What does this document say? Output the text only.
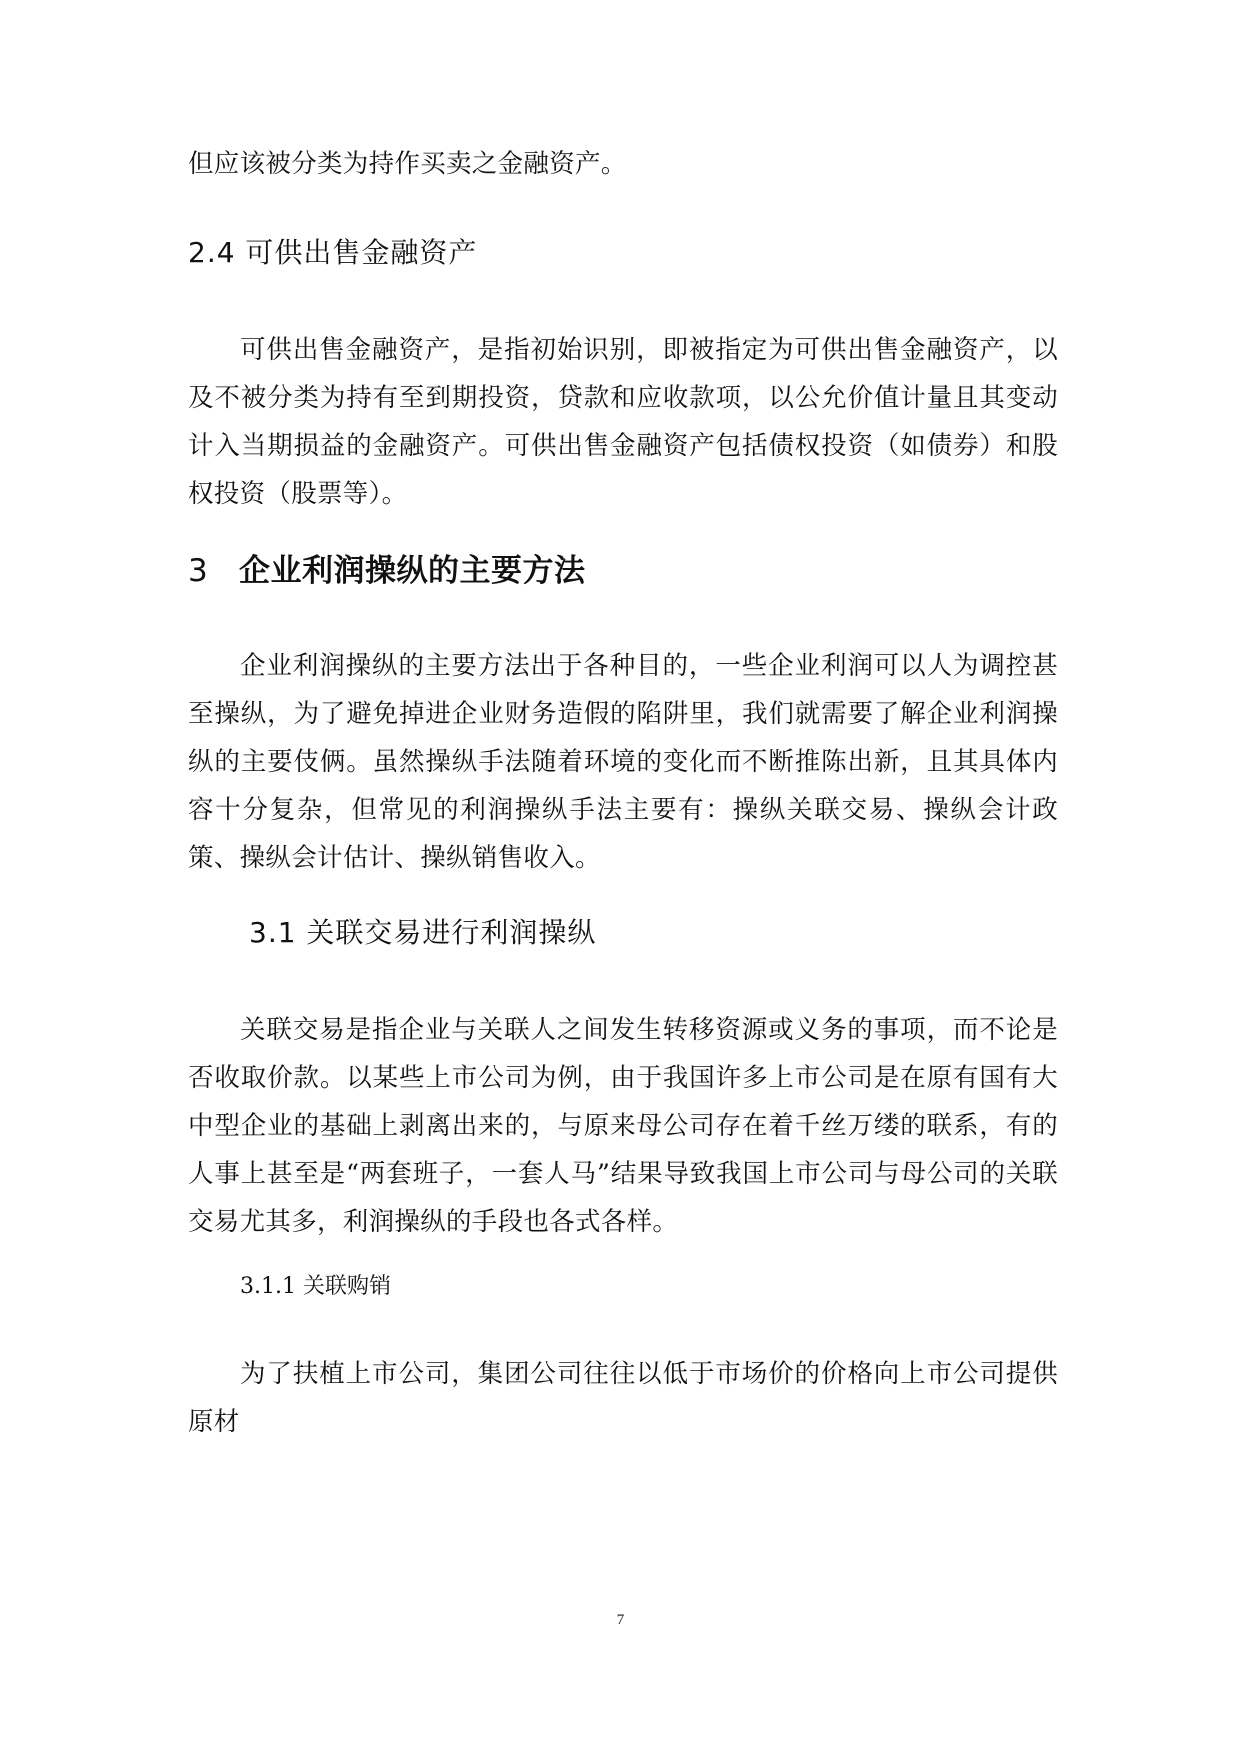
但应该被分类为持作买卖之金融资产。

2.4 可供出售金融资产

可供出售金融资产，是指初始识别，即被指定为可供出售金融资产，以及不被分类为持有至到期投资，贷款和应收款项，以公允价值计量且其变动计入当期损益的金融资产。可供出售金融资产包括债权投资（如债券）和股权投资（股票等）。

3 企业利润操纵的主要方法

企业利润操纵的主要方法出于各种目的，一些企业利润可以人为调控甚至操纵，为了避免掉进企业财务造假的陷阱里，我们就需要了解企业利润操纵的主要伎俩。虽然操纵手法随着环境的变化而不断推陈出新，且其具体内容十分复杂，但常见的利润操纵手法主要有：操纵关联交易、操纵会计政策、操纵会计估计、操纵销售收入。

3.1 关联交易进行利润操纵

关联交易是指企业与关联人之间发生转移资源或义务的事项，而不论是否收取价款。以某些上市公司为例，由于我国许多上市公司是在原有国有大中型企业的基础上剥离出来的，与原来母公司存在着千丝万缕的联系，有的人事上甚至是“两套班子，一套人马”结果导致我国上市公司与母公司的关联交易尤其多，利润操纵的手段也各式各样。

3.1.1 关联购销

为了扶植上市公司，集团公司往往以低于市场价的价格向上市公司提供原材

7
